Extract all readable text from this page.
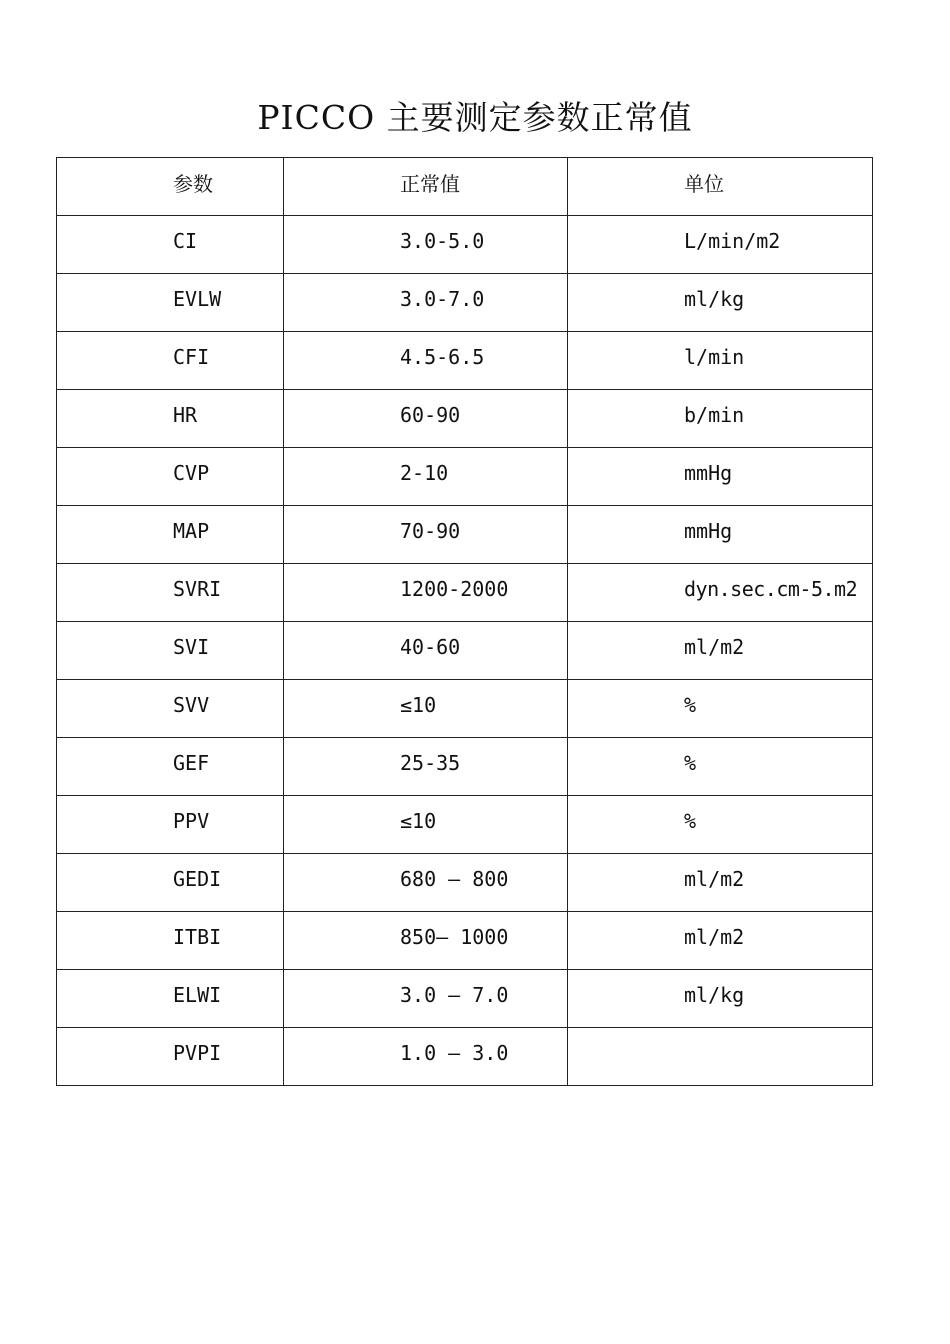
PICCO 主要测定参数正常值
参数	正常值	单位
CI	3.0-5.0	L/min/m2
EVLW	3.0-7.0	ml/kg
CFI	4.5-6.5	l/min
HR	60-90	b/min
CVP	2-10	mmHg
MAP	70-90	mmHg
SVRI	1200-2000	dyn.sec.cm-5.m2
SVI	40-60	ml/m2
SVV	≤10	%
GEF	25-35	%
PPV	≤10	%
GEDI	680 – 800	ml/m2
ITBI	850– 1000	ml/m2
ELWI	3.0 – 7.0	ml/kg
PVPI	1.0 – 3.0	
